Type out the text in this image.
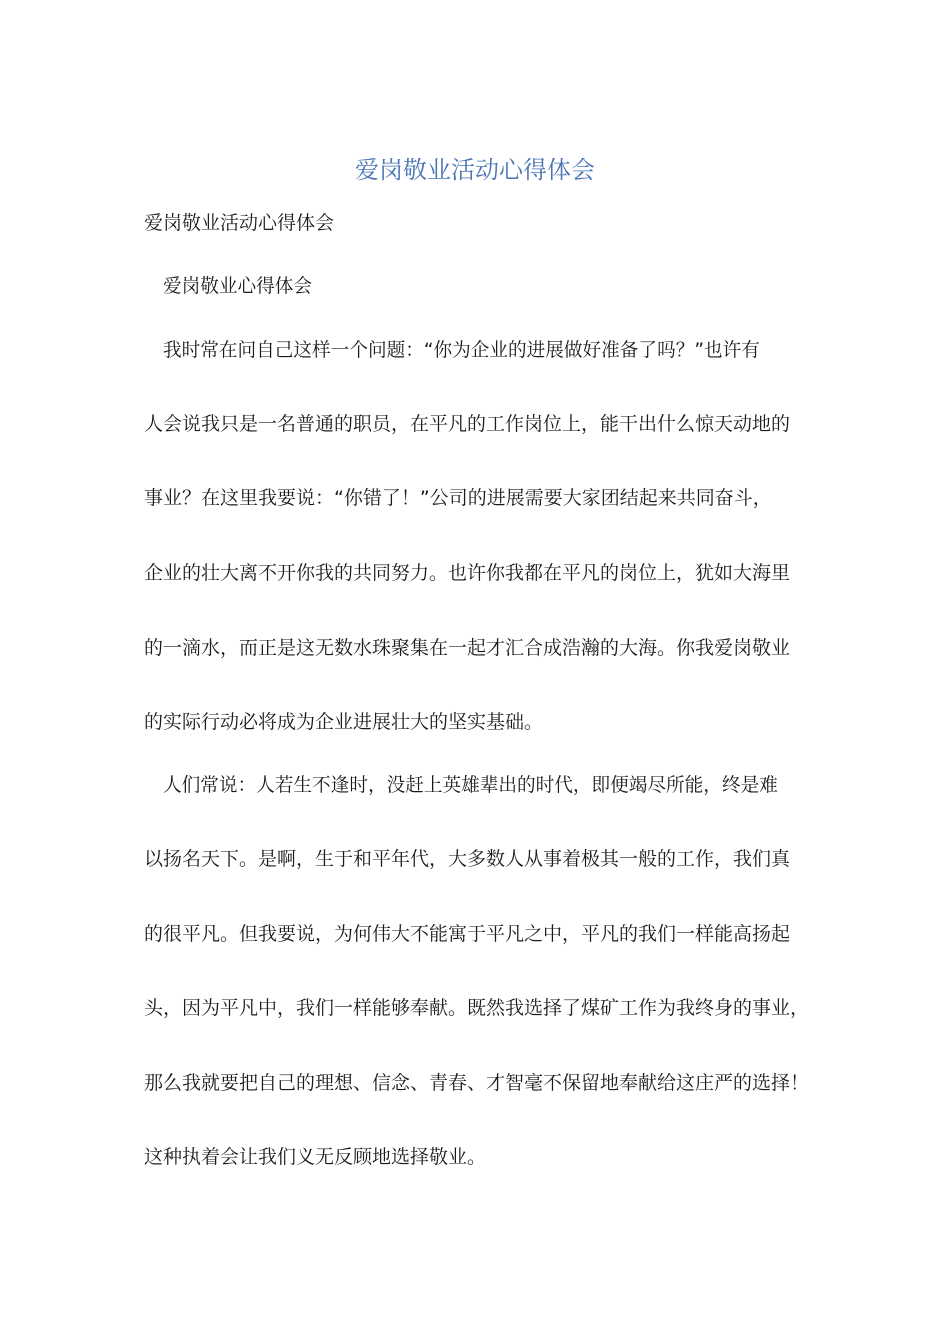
爱岗敬业活动心得体会

爱岗敬业活动心得体会

爱岗敬业心得体会

我时常在问自己这样一个问题：“你为企业的进展做好准备了吗？”也许有

人会说我只是一名普通的职员，在平凡的工作岗位上，能干出什么惊天动地的

事业？在这里我要说：“你错了！”公司的进展需要大家团结起来共同奋斗，

企业的壮大离不开你我的共同努力。也许你我都在平凡的岗位上，犹如大海里

的一滴水，而正是这无数水珠聚集在一起才汇合成浩瀚的大海。你我爱岗敬业

的实际行动必将成为企业进展壮大的坚实基础。

人们常说：人若生不逢时，没赶上英雄辈出的时代，即便竭尽所能，终是难

以扬名天下。是啊，生于和平年代，大多数人从事着极其一般的工作，我们真

的很平凡。但我要说，为何伟大不能寓于平凡之中，平凡的我们一样能高扬起

头，因为平凡中，我们一样能够奉献。既然我选择了煤矿工作为我终身的事业，

那么我就要把自己的理想、信念、青春、才智毫不保留地奉献给这庄严的选择！

这种执着会让我们义无反顾地选择敬业。
